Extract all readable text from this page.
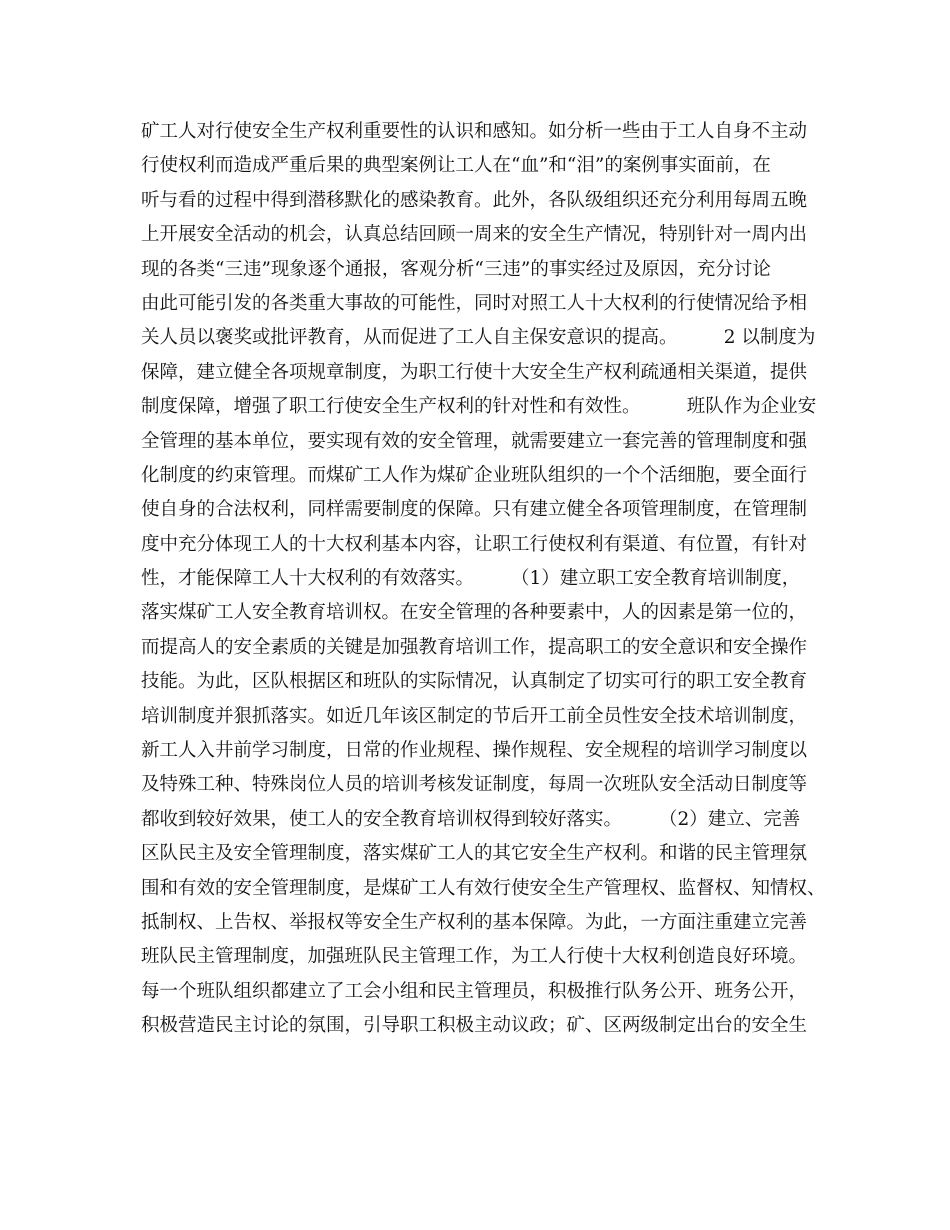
矿工人对行使安全生产权利重要性的认识和感知。如分析一些由于工人自身不主动
行使权利而造成严重后果的典型案例让工人在“血”和“泪”的案例事实面前，在
听与看的过程中得到潜移默化的感染教育。此外，各队级组织还充分利用每周五晚
上开展安全活动的机会，认真总结回顾一周来的安全生产情况，特别针对一周内出
现的各类“三违”现象逐个通报，客观分析“三违”的事实经过及原因，充分讨论
由此可能引发的各类重大事故的可能性，同时对照工人十大权利的行使情况给予相
关人员以褒奖或批评教育，从而促进了工人自主保安意识的提高。　　　2 以制度为
保障，建立健全各项规章制度，为职工行使十大安全生产权利疏通相关渠道，提供
制度保障，增强了职工行使安全生产权利的针对性和有效性。　　　班队作为企业安
全管理的基本单位，要实现有效的安全管理，就需要建立一套完善的管理制度和强
化制度的约束管理。而煤矿工人作为煤矿企业班队组织的一个个活细胞，要全面行
使自身的合法权利，同样需要制度的保障。只有建立健全各项管理制度，在管理制
度中充分体现工人的十大权利基本内容，让职工行使权利有渠道、有位置，有针对
性，才能保障工人十大权利的有效落实。　　　（1）建立职工安全教育培训制度，
落实煤矿工人安全教育培训权。在安全管理的各种要素中，人的因素是第一位的，
而提高人的安全素质的关键是加强教育培训工作，提高职工的安全意识和安全操作
技能。为此，区队根据区和班队的实际情况，认真制定了切实可行的职工安全教育
培训制度并狠抓落实。如近几年该区制定的节后开工前全员性安全技术培训制度，
新工人入井前学习制度，日常的作业规程、操作规程、安全规程的培训学习制度以
及特殊工种、特殊岗位人员的培训考核发证制度，每周一次班队安全活动日制度等
都收到较好效果，使工人的安全教育培训权得到较好落实。　　　（2）建立、完善
区队民主及安全管理制度，落实煤矿工人的其它安全生产权利。和谐的民主管理氛
围和有效的安全管理制度，是煤矿工人有效行使安全生产管理权、监督权、知情权、
抵制权、上告权、举报权等安全生产权利的基本保障。为此，一方面注重建立完善
班队民主管理制度，加强班队民主管理工作，为工人行使十大权利创造良好环境。
每一个班队组织都建立了工会小组和民主管理员，积极推行队务公开、班务公开，
积极营造民主讨论的氛围，引导职工积极主动议政；矿、区两级制定出台的安全生
